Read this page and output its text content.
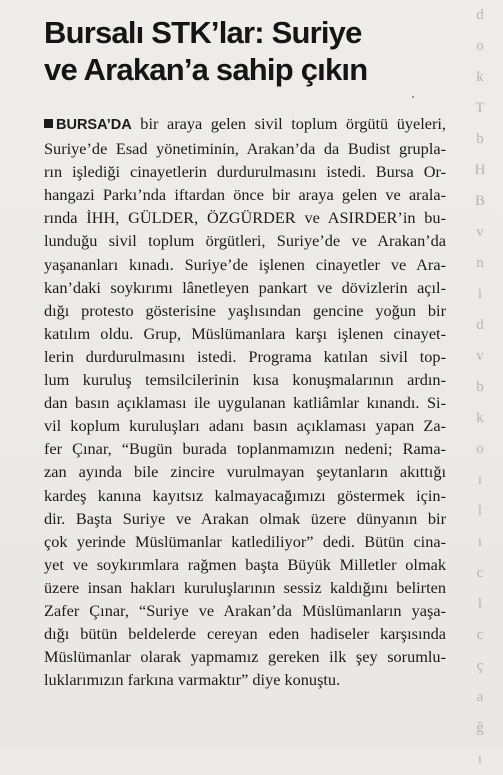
Bursalı STK’lar: Suriye
ve Arakan’a sahip çıkın
BURSA’DA bir araya gelen sivil toplum örgütü üyeleri,
Suriye’de Esad yönetiminin, Arakan’da da Budist grupla-
rın işlediği cinayetlerin durdurulmasını istedi. Bursa Or-
hangazi Parkı’nda iftardan önce bir araya gelen ve arala-
rında İHH, GÜLDER, ÖZGÜRDER ve ASIRDER’in bu-
lunduğu sivil toplum örgütleri, Suriye’de ve Arakan’da
yaşananları kınadı. Suriye’de işlenen cinayetler ve Ara-
kan’daki soykırımı lânetleyen pankart ve dövizlerin açıl-
dığı protesto gösterisine yaşlısından gencine yoğun bir
katılım oldu. Grup, Müslümanlara karşı işlenen cinayet-
lerin durdurulmasını istedi. Programa katılan sivil top-
lum kuruluş temsilcilerinin kısa konuşmalarının ardın-
dan basın açıklaması ile uygulanan katliâmlar kınandı. Si-
vil koplum kuruluşları adanı basın açıklaması yapan Za-
fer Çınar, “Bugün burada toplanmamızın nedeni; Rama-
zan ayında bile zincire vurulmayan şeytanların akıttığı
kardeş kanına kayıtsız kalmayacağımızı göstermek için-
dir. Başta Suriye ve Arakan olmak üzere dünyanın bir
çok yerinde Müslümanlar katlediliyor” dedi. Bütün cina-
yet ve soykırımlara rağmen başta Büyük Milletler olmak
üzere insan hakları kuruluşlarının sessiz kaldığını belirten
Zafer Çınar, “Suriye ve Arakan’da Müslümanların yaşa-
dığı bütün beldelerde cereyan eden hadiseler karşısında
Müslümanlar olarak yapmamız gereken ilk şey sorumlu-
luklarımızın farkına varmaktır” diye konuştu.
d
o
k
T
b
H
B
v
n
i
d
v
b
k
o
ı
l
ı
c
l
c
ç
a
ğ
ı
